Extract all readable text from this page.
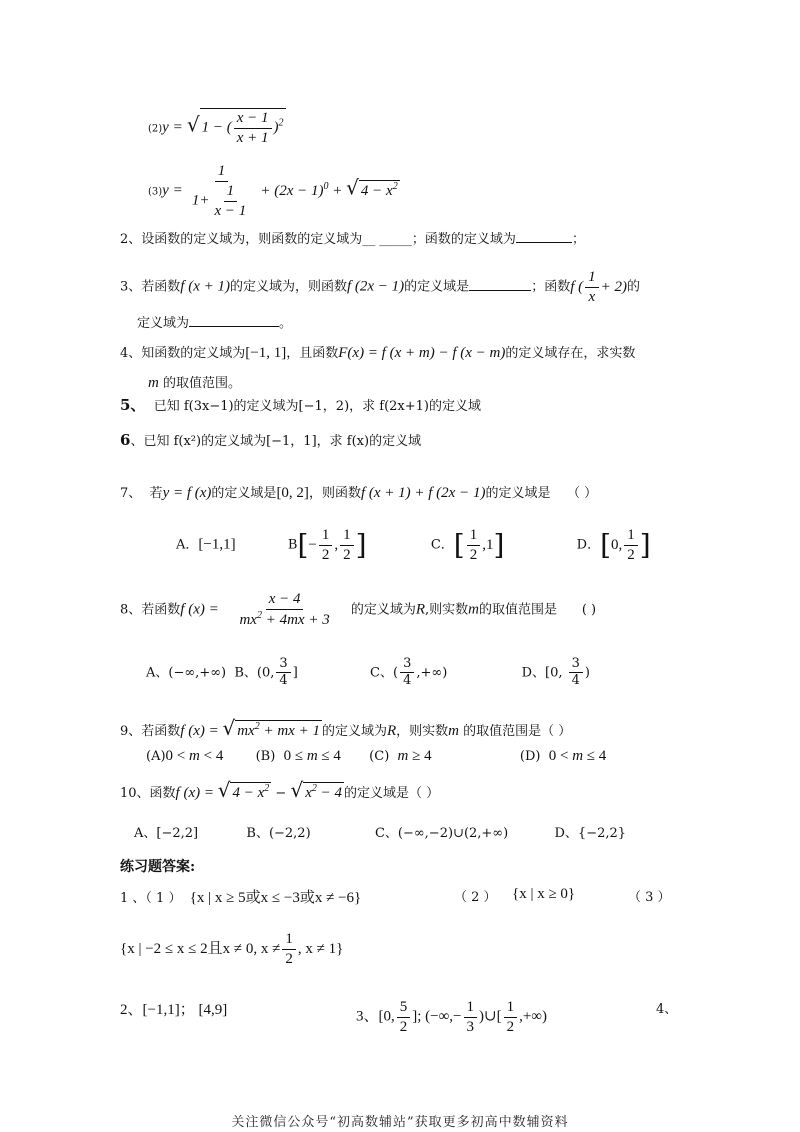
(2)y = √ 1 − ( $\frac{x - 1}{x + 1} )^2$
$(3)y = \frac{1}{1+ \frac{1}{x - 1}} + (2x - 1)^0$ + √ $4 - x^2$
2、设函数的定义域为，则函数的定义域为__ _____；函数的定义域为	；
3、若函数f (x + 1)的定义域为，则函数f (2x − 1)的定义域是	；函数f ( $\frac{1}{x} + 2$)的
定义域为	。
4、知函数的定义域为[−1, 1]，且函数F(x) = f (x + m) − f (x − m)的定义域存在，求实数
m 的取值范围。
5、 已知 f(3x−1)的定义域为[−1，2)，求 f(2x+1)的定义域
6、已知 f(x²)的定义域为[−1，1]，求 f(x)的定义域
7、 若y = f (x)的定义域是[0, 2]，则函数f (x + 1) + f (2x − 1)的定义域是 （ ）
A．[−1,1]	$B[- \frac{1}{2}$ , $\frac{1}{2}$ ]	C．[ $\frac{1}{2} ,1$]	D．[0, $\frac{1}{2}$ ]
8、若函数f $(x) = \frac{x - 4}{mx^2 + 4mx + 3}$ 的定义域为R,则实数m的取值范围是 ( )
A、(−∞,+∞) B、(0, $\frac{3}{4}$ ]	C、( $\frac{3}{4}$ ,+∞)	D、[0, $\frac{3}{4}$ )
9、若函数f (x) = √ $mx^2$ + mx + 1 的定义域为R，则实数m 的取值范围是（ ）
(A)0 < m < 4 (B) 0 ≤ m ≤ 4 (C) m ≥ 4	(D) 0 < m ≤ 4
10、函数f (x) = √ $4 - x^2$ − √ $x^2 - 4$ 的定义域是（ ）
A、[−2,2]	B、(−2,2)	C、(−∞,−2)∪(2,+∞)	D、{−2,2}
练习题答案:
1 、（ 1 ） {x | x ≥ 5或x ≤ −3或x ≠ −6}	（ 2 ） {x | x ≥ 0}	（ 3 ）
{x | −2 ≤ x ≤ 2且x ≠ 0, $x \ne \frac{1}{2}$ , x ≠ 1}
2、[−1,1]； [4,9]	3、[0, $\frac{5}{2}$ ]; (−∞,− $\frac{1}{3}$ )∪[ $\frac{1}{2}$ ,+∞)	4、
关注微信公众号“初高数辅站”获取更多初高中数辅资料
